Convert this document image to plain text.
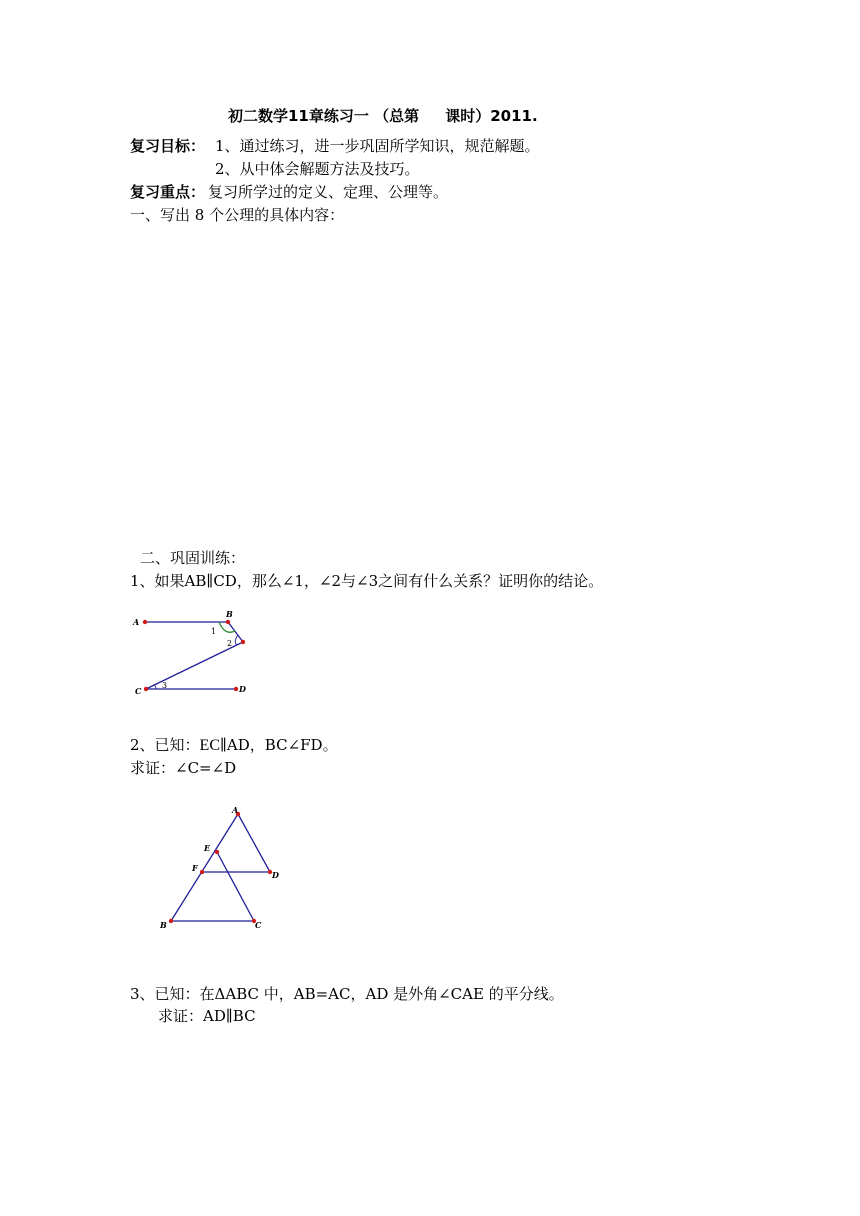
初二数学11章练习一 （总第     课时）2011.
复习目标： 1、通过练习，进一步巩固所学知识，规范解题。
2、从中体会解题方法及技巧。
复习重点： 复习所学过的定义、定理、公理等。
一、写出 8 个公理的具体内容：
二、巩固训练：
1、如果AB∥CD，那么∠1，∠2与∠3之间有什么关系？证明你的结论。
A
B
C	D
1
2
3
2、已知：EC∥AD，BC∠FD。
求证：∠C=∠D
A
E
F
D
B	C
3、已知：在ΔABC 中，AB=AC，AD 是外角∠CAE 的平分线。
求证：AD∥BC
